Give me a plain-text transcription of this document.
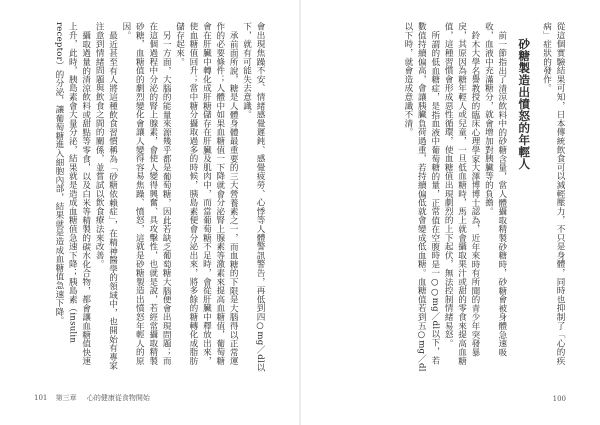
從這個實驗結果可知，日本傳統飲食可以減輕壓力，不只是身體，同時也抑制了「心的疾病」症狀的發作。

砂糖製造出憤怒的年輕人

前一節指出了清涼飲料中的砂糖含量，當人體攝取精製砂糖時，砂糖會被身體急速吸收，血液中充滿糖分，就會增加對胰臟等的負擔。

鈴木大學名譽教授的臨床心理學家大澤博博士認為，近年來時有所聞的青少年突發暴戾，其原因為糖年輕人或兒童，一旦低血糖時，馬上就會攝取果汁或甜的零食來提高血糖值，這種習慣會形成惡性循環，使血糖值出現劇烈的上下起伏，無法控制情緒易怒。

所謂的低血糖症，是指血液中葡萄糖的量，正常值在空腹時是一○○mg／dl以下，若數值持續偏高，會讓胰臟負荷過重，若持續偏低就會變成低血糖。血糖值若到五○mg／dl以下時，就會造成意識不清。

會出現焦躁不安、情緒感覺遲鈍、感覺疲勞、心悸等人體警訊警告，再低到四○mg／dl以下，就有可能失去意識。

承前面所說，糖是人體身體最重要的三大營養素之一，而血糖的下限是大腦得以正常運作的必要條件；人體中如果血糖值一下降就會分泌腎上腺素等激素來提高血糖值，葡萄糖會在肝臟中轉化成肝糖儲存在肝臟及肌肉中，而當葡萄糖不足時，會從肝臟中釋放出來，使血糖值回升；當中糖分攝取過多的時候，胰島素便會分泌出來，將多餘的糖轉化成脂肪儲存起來。

另一方面，大腦的能量來源幾乎都是葡萄糖，因此若缺乏葡萄糖大腦便會出現問題；而在這個過程中分泌的腎上腺素，會使人變得興奮、具攻擊性，也就是說，若經常攝取精製砂糖，血糖值的劇烈變化會讓人變得容易焦躁、憤怒，這就是砂糖製造出憤怒年輕人的原因。

最近甚至有人將這種飲食習慣稱為「砂糖依賴症」，在精神醫學的領域中，也開始有專家注意到情緒問題與飲食之間的關係，並嘗試以飲食療法來改善。

攝取過量的清涼飲料或甜點等零食，以及白米等精製的碳水化合物，都會讓血糖值快速上升，此時，胰島素會大量分泌，結果就是造成血糖值急速下降；胰島素（insulin receptor）的分泌，讓葡萄糖進入細胞內部，結果就是造成血糖值急速下降。

101 第三章 心的健康從食物開始	100
